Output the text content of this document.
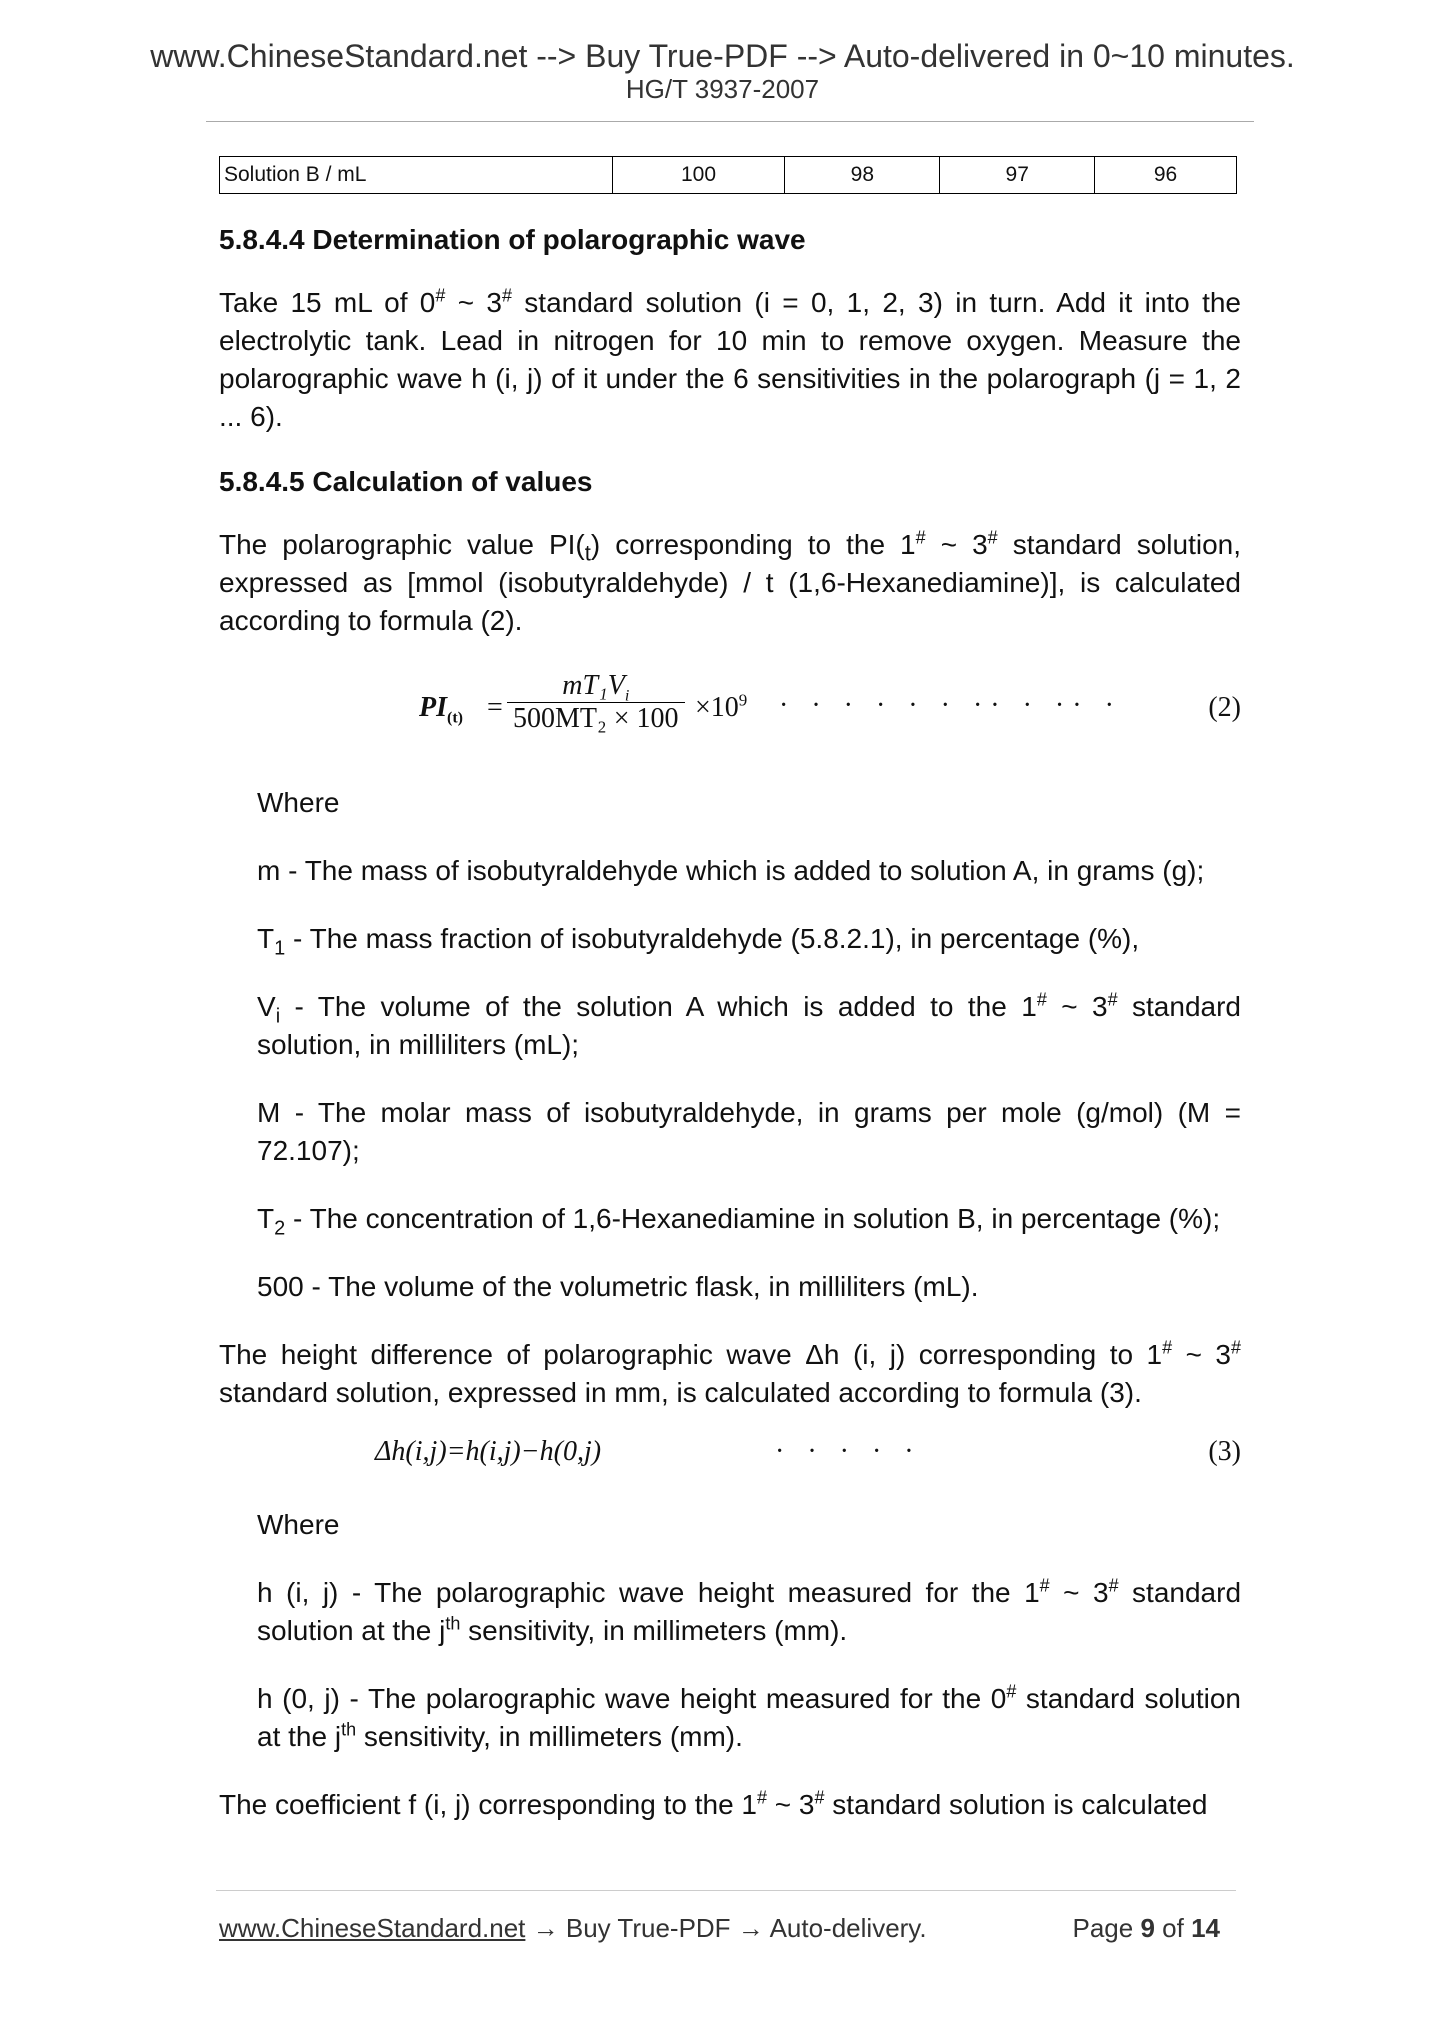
www.ChineseStandard.net --> Buy True-PDF --> Auto-delivered in 0~10 minutes.
HG/T 3937-2007
Solution B / mL	100	98	97	96
5.8.4.4 Determination of polarographic wave

Take 15 mL of 0# ~ 3# standard solution (i = 0, 1, 2, 3) in turn. Add it into the electrolytic tank. Lead in nitrogen for 10 min to remove oxygen. Measure the polarographic wave h (i, j) of it under the 6 sensitivities in the polarograph (j = 1, 2 ... 6).

5.8.4.5 Calculation of values

The polarographic value $PI(_t)$ corresponding to the 1# ~ 3# standard solution, expressed as [mmol (isobutyraldehyde) / t (1,6-Hexanediamine)], is calculated according to formula (2).

$PI_{(t)} = \frac{mT_1V_i}{\text{500MT₂ × 100}} \times 10^9$ · · · · · · ·· · ·· ·	(2)

Where

m - The mass of isobutyraldehyde which is added to solution A, in grams (g);

$T_1$ - The mass fraction of isobutyraldehyde (5.8.2.1), in percentage (%),

$V_i$ - The volume of the solution A which is added to the 1# ~ 3# standard solution, in milliliters (mL);

M - The molar mass of isobutyraldehyde, in grams per mole (g/mol) (M = 72.107);

$T_2$ - The concentration of 1,6-Hexanediamine in solution B, in percentage (%);

500 - The volume of the volumetric flask, in milliliters (mL).

The height difference of polarographic wave Δh (i, j) corresponding to 1# ~ 3# standard solution, expressed in mm, is calculated according to formula (3).

Δh(i,j)=h(i,j)−h(0,j)	· · · · ·	(3)

Where

h (i, j) - The polarographic wave height measured for the 1# ~ 3# standard solution at the $j^{th}$ sensitivity, in millimeters (mm).

h (0, j) - The polarographic wave height measured for the 0# standard solution at the $j^{th}$ sensitivity, in millimeters (mm).

The coefficient f (i, j) corresponding to the 1# ~ 3# standard solution is calculated

www.ChineseStandard.net → Buy True-PDF → Auto-delivery.	Page 9 of 14
